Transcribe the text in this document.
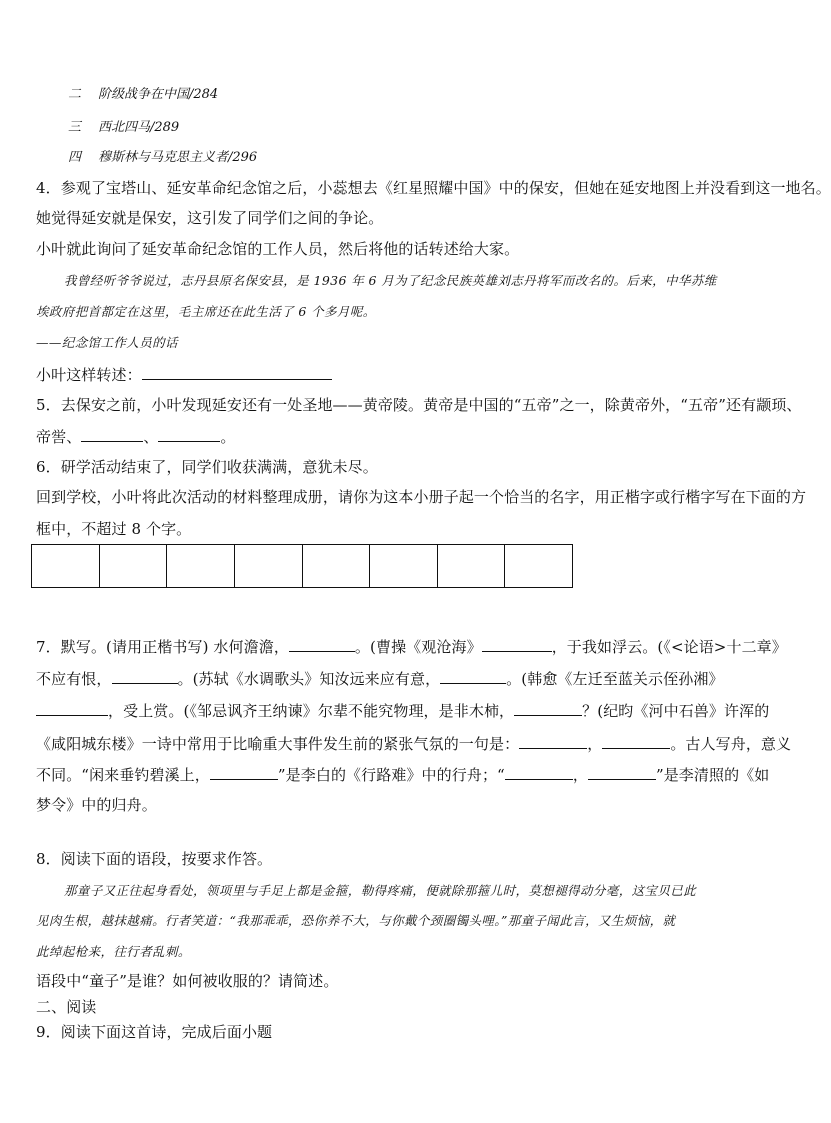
二 阶级战争在中国/284
三 西北四马/289
四 穆斯林与马克思主义者/296
4．参观了宝塔山、延安革命纪念馆之后，小蕊想去《红星照耀中国》中的保安，但她在延安地图上并没看到这一地名。
她觉得延安就是保安，这引发了同学们之间的争论。
小叶就此询问了延安革命纪念馆的工作人员，然后将他的话转述给大家。
我曾经听爷爷说过，志丹县原名保安县，是 1936 年 6 月为了纪念民族英雄刘志丹将军而改名的。后来，中华苏维
埃政府把首都定在这里，毛主席还在此生活了 6 个多月呢。
——纪念馆工作人员的话
小叶这样转述：
5．去保安之前，小叶发现延安还有一处圣地——黄帝陵。黄帝是中国的“五帝”之一，除黄帝外，“五帝”还有颛顼、
帝喾、	、	。
6．研学活动结束了，同学们收获满满，意犹未尽。
回到学校，小叶将此次活动的材料整理成册，请你为这本小册子起一个恰当的名字，用正楷字或行楷字写在下面的方
框中，不超过 8 个字。
7．默写。(请用正楷书写) 水何澹澹，	。(曹操《观沧海》	，于我如浮云。(《<论语>十二章》
不应有恨，	。(苏轼《水调歌头》知汝远来应有意，	。(韩愈《左迁至蓝关示侄孙湘》
，受上赏。(《邹忌讽齐王纳谏》尔辈不能究物理，是非木柿，	？(纪昀《河中石兽》许浑的
《咸阳城东楼》一诗中常用于比喻重大事件发生前的紧张气氛的一句是：	，	。古人写舟，意义
不同。“闲来垂钓碧溪上，	”是李白的《行路难》中的行舟；“	，	”是李清照的《如
梦令》中的归舟。
8．阅读下面的语段，按要求作答。
那童子又正往起身看处，领项里与手足上都是金箍，勒得疼痛，便就除那箍儿时，莫想褪得动分毫，这宝贝已此
见肉生根，越抹越痛。行者笑道：“我那乖乖，恐你养不大，与你戴个颈圈镯头哩。”那童子闻此言，又生烦恼，就
此绰起枪来，往行者乱刺。
语段中“童子”是谁？如何被收服的？请简述。
二、阅读
9．阅读下面这首诗，完成后面小题
